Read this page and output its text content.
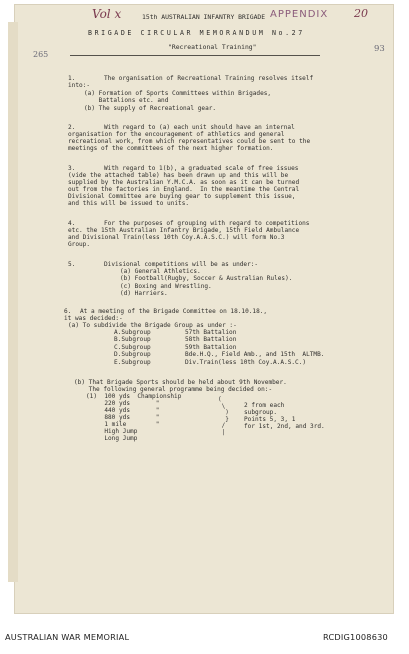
265
Vol x	15th AUSTRALIAN INFANTRY BRIGADE APPENDIX 20
BRIGADE CIRCULAR MEMORANDUM No.27
93
"Recreational Training"
1.	The organisation of Recreational Training resolves itself
into:-
(a) Formation of Sports Committees within Brigades,
Battalions etc. and
(b) The supply of Recreational gear.
2.	With regard to (a) each unit should have an internal
organisation for the encouragement of athletics and general
recreational work, from which representatives could be sent to the
meetings of the committees of the next higher formation.
3.	With regard to 1(b), a graduated scale of free issues
(vide the attached table) has been drawn up and this will be
supplied by the Australian Y.M.C.A. as soon as it can be turned
out from the factories in England.  In the meantime the Central
Divisional Committee are buying gear to supplement this issue,
and this will be issued to units.
4.	For the purposes of grouping with regard to competitions
etc. the 15th Australian Infantry Brigade, 15th Field Ambulance
and Divisional Train(less 10th Coy.A.A.S.C.) will form No.3
Group.
5.	Divisional competitions will be as under:-
(a) General Athletics.
(b) Football(Rugby, Soccer & Australian Rules).
(c) Boxing and Wrestling.
(d) Harriers.
6. At a meeting of the Brigade Committee on 18.10.18.,
it was decided:-
(a) To subdivide the Brigade Group as under :-
A.Subgroup	57th Battalion
B.Subgroup	58th Battalion
C.Subgroup	59th Battalion
D.Subgroup	Bde.H.Q., Field Amb., and 15th  ALTMB.
E.Subgroup	Div.Train(less 10th Coy.A.A.S.C.)
(b) That Brigade Sports should be held about 9th November.
The following general programme being decided on:-
(1)  100 yds  Championship
220 yds       "
440 yds       "
880 yds       "
1 mile        "
High Jump
Long Jump
(
\
)
}
/
|
2 from each
subgroup.
Points 5, 3, 1
for 1st, 2nd, and 3rd.
AUSTRALIAN WAR MEMORIAL	RCDIG1008630
